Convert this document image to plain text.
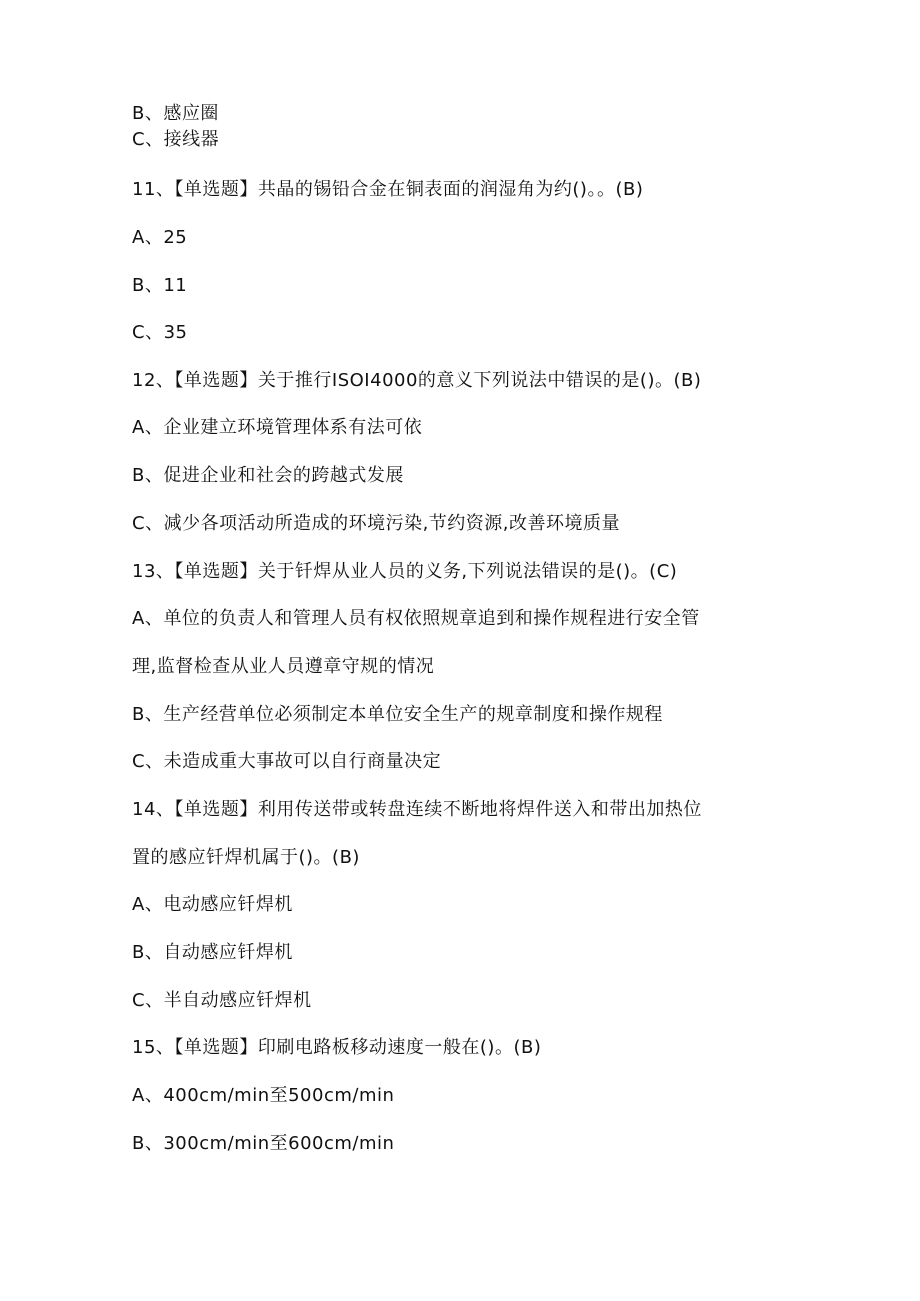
B、感应圈
C、接线器
11、【单选题】共晶的锡铅合金在铜表面的润湿角为约()。。(B)
A、25
B、11
C、35
12、【单选题】关于推行ISOI4000的意义下列说法中错误的是()。(B)
A、企业建立环境管理体系有法可依
B、促进企业和社会的跨越式发展
C、减少各项活动所造成的环境污染,节约资源,改善环境质量
13、【单选题】关于钎焊从业人员的义务,下列说法错误的是()。(C)
A、单位的负责人和管理人员有权依照规章追到和操作规程进行安全管
理,监督检查从业人员遵章守规的情况
B、生产经营单位必须制定本单位安全生产的规章制度和操作规程
C、未造成重大事故可以自行商量决定
14、【单选题】利用传送带或转盘连续不断地将焊件送入和带出加热位
置的感应钎焊机属于()。(B)
A、电动感应钎焊机
B、自动感应钎焊机
C、半自动感应钎焊机
15、【单选题】印刷电路板移动速度一般在()。(B)
A、400cm∕min至500cm∕min
B、300cm∕min至600cm∕min
